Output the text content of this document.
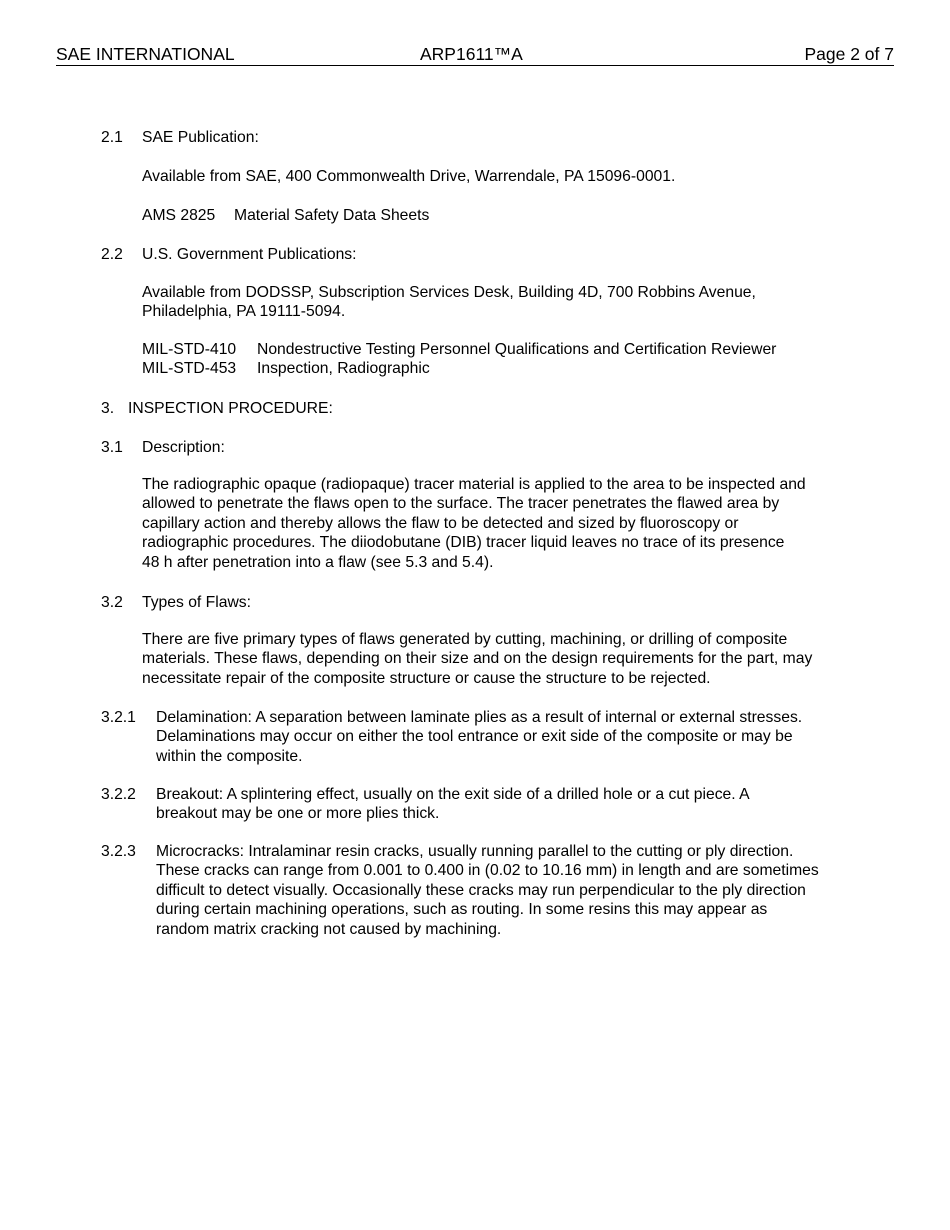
SAE INTERNATIONAL	ARP1611™A	Page 2 of 7
2.1 SAE Publication:
Available from SAE, 400 Commonwealth Drive, Warrendale, PA 15096-0001.
AMS 2825 Material Safety Data Sheets
2.2 U.S. Government Publications:
Available from DODSSP, Subscription Services Desk, Building 4D, 700 Robbins Avenue,
Philadelphia, PA 19111-5094.
MIL-STD-410 Nondestructive Testing Personnel Qualifications and Certification Reviewer
MIL-STD-453 Inspection, Radiographic
3. INSPECTION PROCEDURE:
3.1 Description:
The radiographic opaque (radiopaque) tracer material is applied to the area to be inspected and
allowed to penetrate the flaws open to the surface. The tracer penetrates the flawed area by
capillary action and thereby allows the flaw to be detected and sized by fluoroscopy or
radiographic procedures. The diiodobutane (DIB) tracer liquid leaves no trace of its presence
48 h after penetration into a flaw (see 5.3 and 5.4).
3.2 Types of Flaws:
There are five primary types of flaws generated by cutting, machining, or drilling of composite
materials. These flaws, depending on their size and on the design requirements for the part, may
necessitate repair of the composite structure or cause the structure to be rejected.
3.2.1 Delamination: A separation between laminate plies as a result of internal or external stresses.
Delaminations may occur on either the tool entrance or exit side of the composite or may be
within the composite.
3.2.2 Breakout: A splintering effect, usually on the exit side of a drilled hole or a cut piece. A
breakout may be one or more plies thick.
3.2.3 Microcracks: Intralaminar resin cracks, usually running parallel to the cutting or ply direction.
These cracks can range from 0.001 to 0.400 in (0.02 to 10.16 mm) in length and are sometimes
difficult to detect visually. Occasionally these cracks may run perpendicular to the ply direction
during certain machining operations, such as routing. In some resins this may appear as
random matrix cracking not caused by machining.
